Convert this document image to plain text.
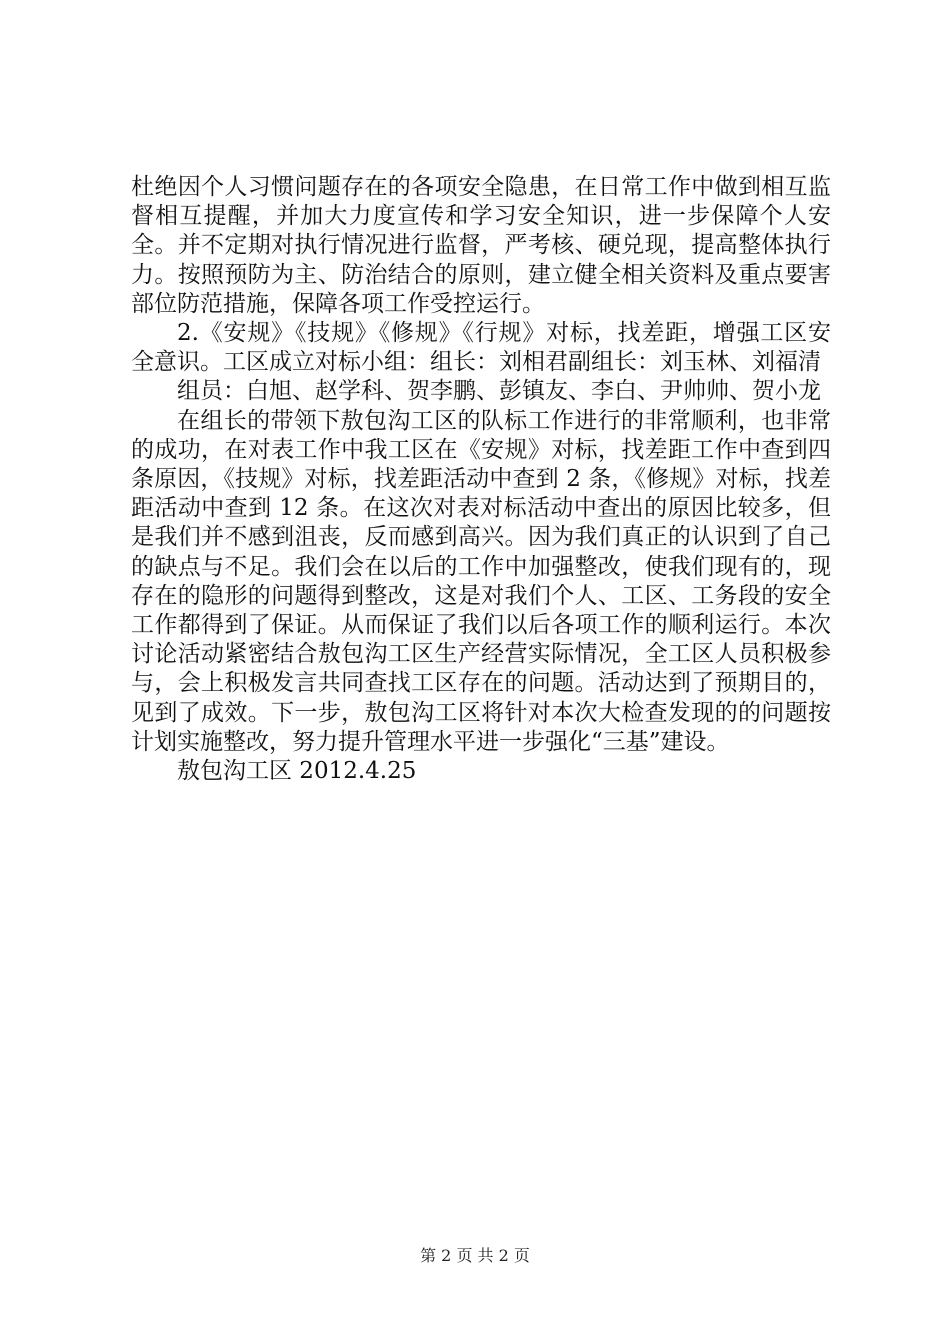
杜绝因个人习惯问题存在的各项安全隐患，在日常工作中做到相互监督相互提醒，并加大力度宣传和学习安全知识，进一步保障个人安全。并不定期对执行情况进行监督，严考核、硬兑现，提高整体执行力。按照预防为主、防治结合的原则，建立健全相关资料及重点要害部位防范措施，保障各项工作受控运行。

2.《安规》《技规》《修规》《行规》对标，找差距，增强工区安全意识。工区成立对标小组：组长：刘相君副组长：刘玉林、刘福清

组员：白旭、赵学科、贺李鹏、彭镇友、李白、尹帅帅、贺小龙

在组长的带领下敖包沟工区的队标工作进行的非常顺利，也非常的成功，在对表工作中我工区在《安规》对标，找差距工作中查到四条原因，《技规》对标，找差距活动中查到 2 条，《修规》对标，找差距活动中查到 12 条。在这次对表对标活动中查出的原因比较多，但是我们并不感到沮丧，反而感到高兴。因为我们真正的认识到了自己的缺点与不足。我们会在以后的工作中加强整改，使我们现有的，现存在的隐形的问题得到整改，这是对我们个人、工区、工务段的安全工作都得到了保证。从而保证了我们以后各项工作的顺利运行。本次讨论活动紧密结合敖包沟工区生产经营实际情况，全工区人员积极参与，会上积极发言共同查找工区存在的问题。活动达到了预期目的，见到了成效。下一步，敖包沟工区将针对本次大检查发现的的问题按计划实施整改，努力提升管理水平进一步强化“三基”建设。

敖包沟工区 2012.4.25

第 2 页 共 2 页
